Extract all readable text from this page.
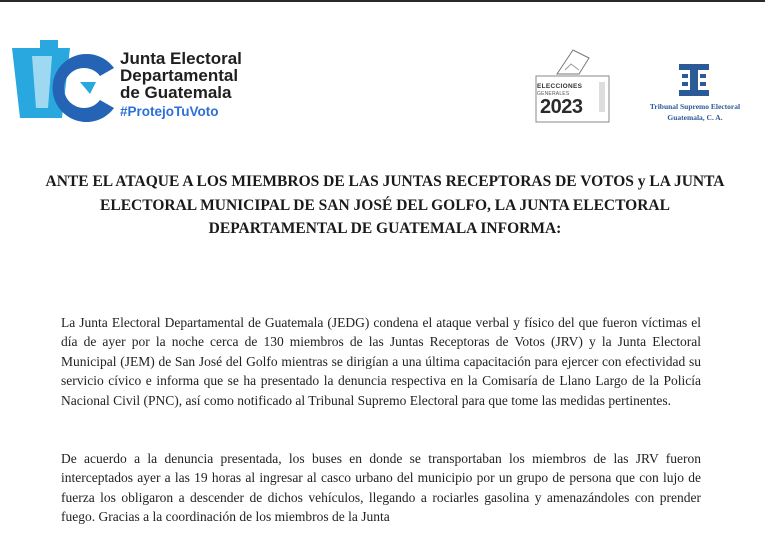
Junta Electoral
Departamental
de Guatemala
#ProtejoTuVoto
ELECCIONES
GENERALES
2023	Tribunal Supremo Electoral
Guatemala, C. A.
ANTE EL ATAQUE A LOS MIEMBROS DE LAS JUNTAS RECEPTORAS DE VOTOS y LA JUNTA ELECTORAL MUNICIPAL DE SAN JOSÉ DEL GOLFO, LA JUNTA ELECTORAL DEPARTAMENTAL DE GUATEMALA INFORMA:
La Junta Electoral Departamental de Guatemala (JEDG) condena el ataque verbal y físico del que fueron víctimas el día de ayer por la noche cerca de 130 miembros de las Juntas Receptoras de Votos (JRV) y la Junta Electoral Municipal (JEM) de San José del Golfo mientras se dirigían a una última capacitación para ejercer con efectividad su servicio cívico e informa que se ha presentado la denuncia respectiva en la Comisaría de Llano Largo de la Policía Nacional Civil (PNC), así como notificado al Tribunal Supremo Electoral para que tome las medidas pertinentes.
De acuerdo a la denuncia presentada, los buses en donde se transportaban los miembros de las JRV fueron interceptados ayer a las 19 horas al ingresar al casco urbano del municipio por un grupo de persona que con lujo de fuerza los obligaron a descender de dichos vehículos, llegando a rociarles gasolina y amenazándoles con prender fuego. Gracias a la coordinación de los miembros de la Junta
